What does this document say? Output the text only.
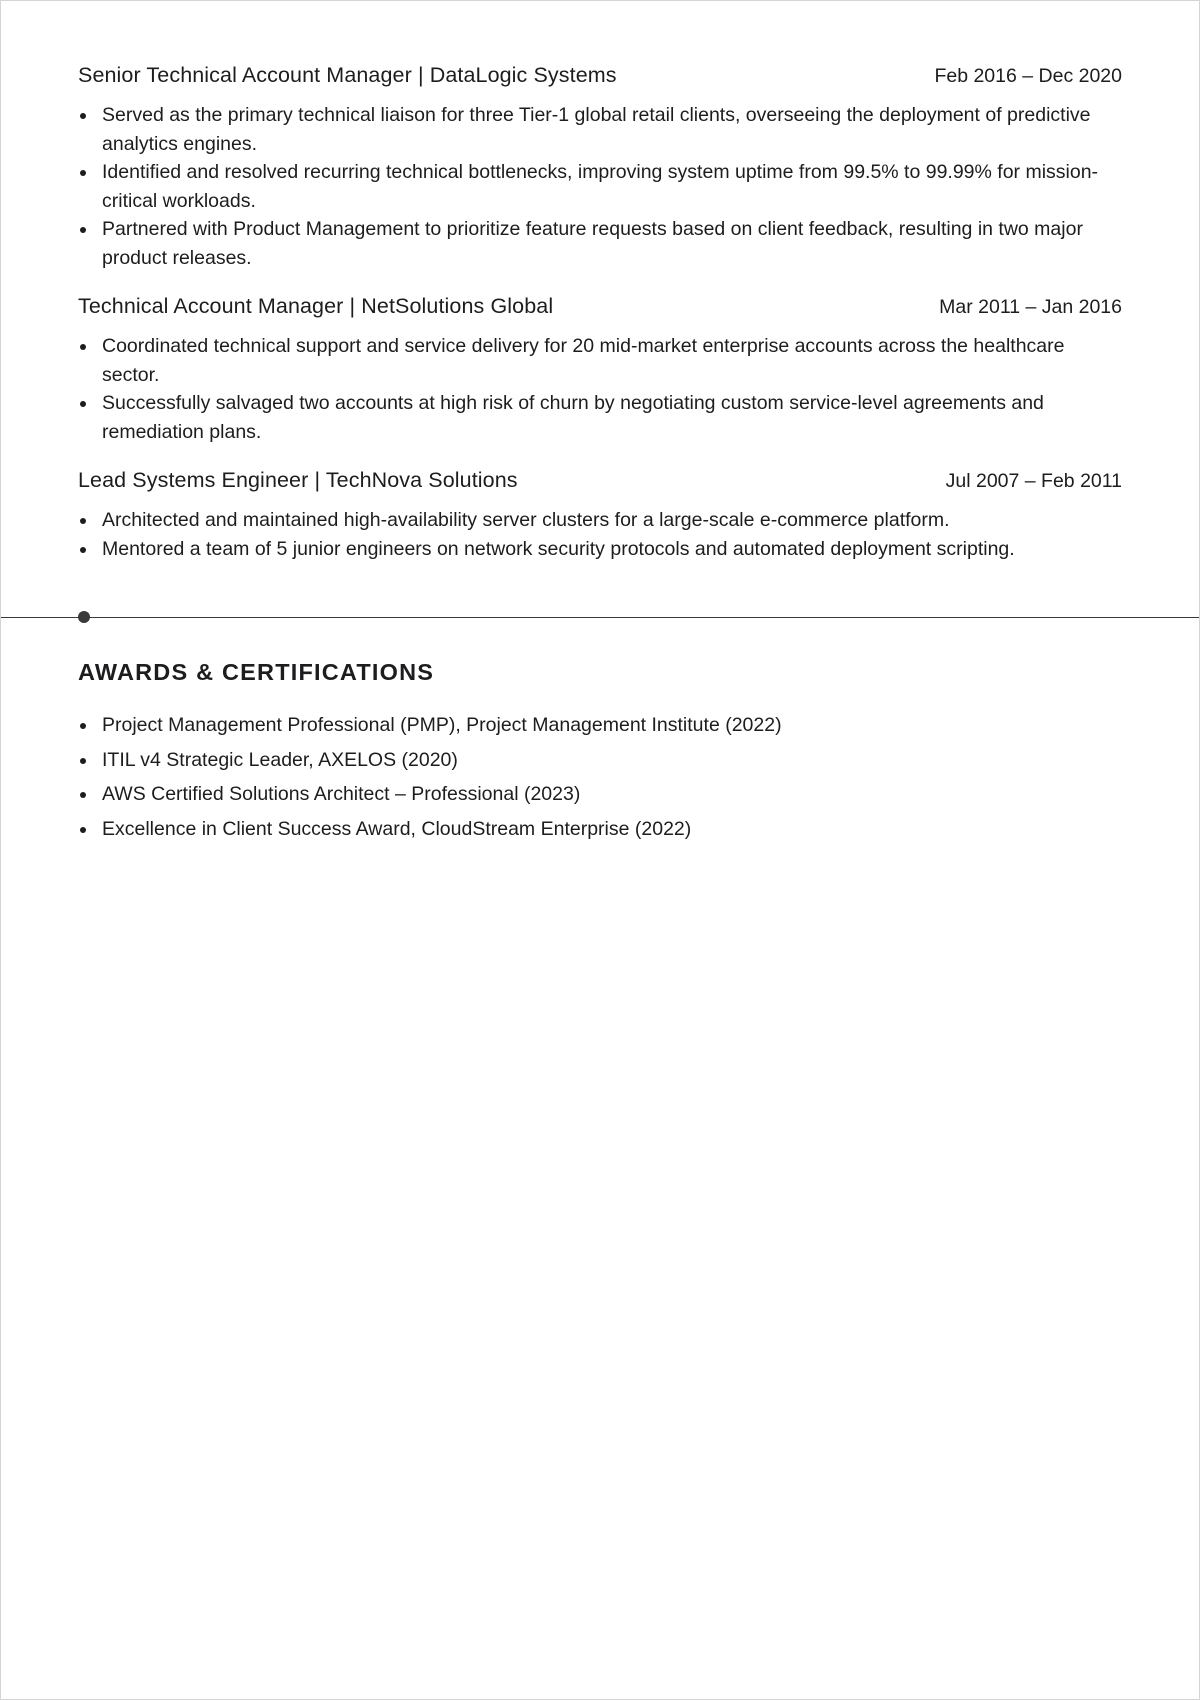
Senior Technical Account Manager | DataLogic Systems	Feb 2016 – Dec 2020
Served as the primary technical liaison for three Tier-1 global retail clients, overseeing the deployment of predictive analytics engines.
Identified and resolved recurring technical bottlenecks, improving system uptime from 99.5% to 99.99% for mission-critical workloads.
Partnered with Product Management to prioritize feature requests based on client feedback, resulting in two major product releases.
Technical Account Manager | NetSolutions Global	Mar 2011 – Jan 2016
Coordinated technical support and service delivery for 20 mid-market enterprise accounts across the healthcare sector.
Successfully salvaged two accounts at high risk of churn by negotiating custom service-level agreements and remediation plans.
Lead Systems Engineer | TechNova Solutions	Jul 2007 – Feb 2011
Architected and maintained high-availability server clusters for a large-scale e-commerce platform.
Mentored a team of 5 junior engineers on network security protocols and automated deployment scripting.
AWARDS & CERTIFICATIONS
Project Management Professional (PMP), Project Management Institute (2022)
ITIL v4 Strategic Leader, AXELOS (2020)
AWS Certified Solutions Architect – Professional (2023)
Excellence in Client Success Award, CloudStream Enterprise (2022)
